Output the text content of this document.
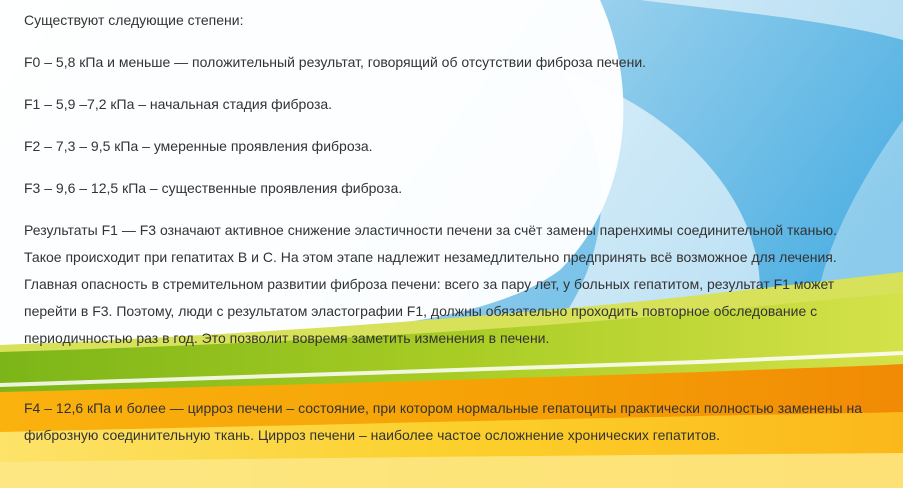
Существуют следующие степени:

F0 – 5,8 кПа и меньше — положительный результат, говорящий об отсутствии фиброза печени.

F1 – 5,9 –7,2 кПа – начальная стадия фиброза.

F2 – 7,3 – 9,5 кПа – умеренные проявления фиброза.

F3 – 9,6 – 12,5 кПа – существенные проявления фиброза.

Результаты F1 — F3 означают активное снижение эластичности печени за счёт замены паренхимы соединительной тканью. Такое происходит при гепатитах В и С. На этом этапе надлежит незамедлительно предпринять всё возможное для лечения. Главная опасность в стремительном развитии фиброза печени: всего за пару лет, у больных гепатитом, результат F1 может перейти в F3. Поэтому, люди с результатом эластографии F1, должны обязательно проходить повторное обследование с периодичностью раз в год. Это позволит вовремя заметить изменения в печени.

F4 – 12,6 кПа и более — цирроз печени – состояние, при котором нормальные гепатоциты практически полностью заменены на фиброзную соединительную ткань. Цирроз печени – наиболее частое осложнение хронических гепатитов.
